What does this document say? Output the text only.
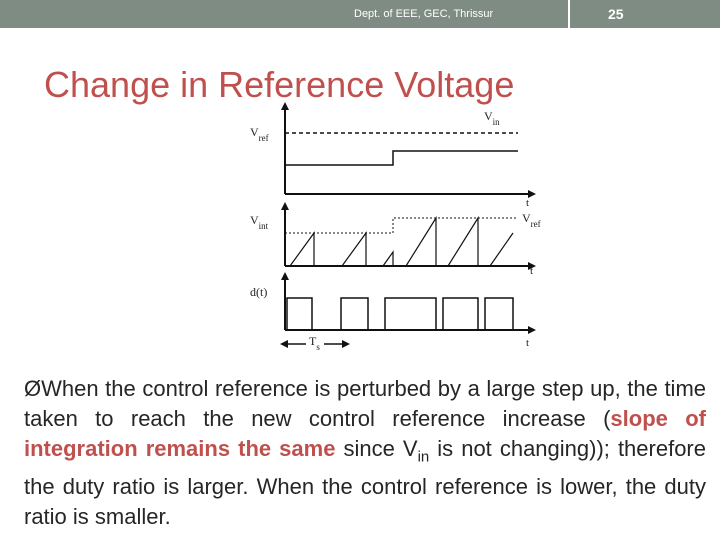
Dept. of EEE, GEC, Thrissur	25
Change in Reference Voltage
$V_{ref}$
$V_{in}$
t
$V_{int}$
$V_{ref}$
t
d(t)
t
$T_s$
ØWhen the control reference is perturbed by a large step up, the time taken to reach the new control reference increase (slope of integration remains the same since $V_{in}$ is not changing)); therefore the duty ratio is larger. When the control reference is lower, the duty ratio is smaller.
